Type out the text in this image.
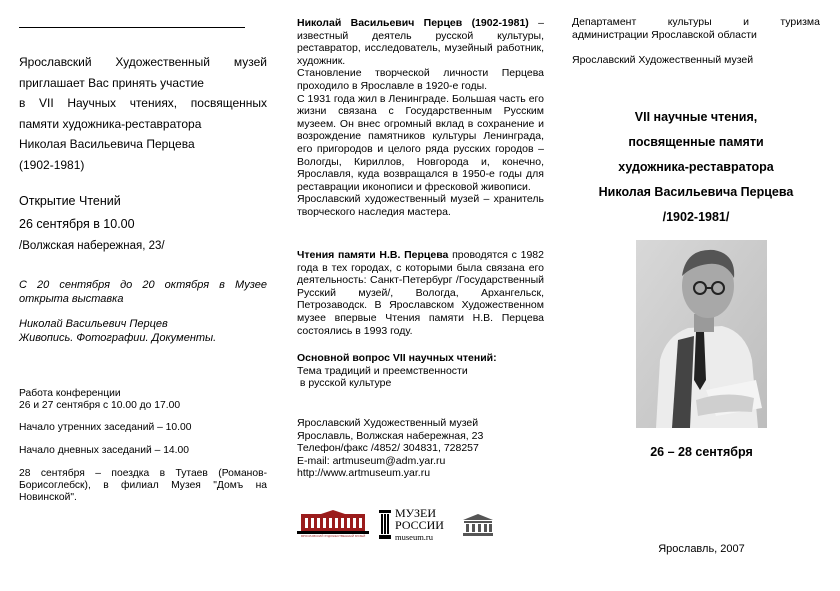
Ярославский Художественный музей

приглашает Вас принять участие

в VII Научных чтениях, посвященных

памяти художника-реставратора

Николая Васильевича Перцева

(1902-1981)

Открытие Чтений
26 сентября в 10.00
/Волжская набережная, 23/
С 20 сентября до 20 октября в Музее открыта выставка
Николай Васильевич Перцев
Живопись. Фотографии. Документы.
Работа конференции
26 и 27 сентября с 10.00 до 17.00
Начало утренних заседаний – 10.00
Начало дневных заседаний – 14.00
28 сентября – поездка в Тутаев (Романов-Борисоглебск), в филиал Музея "Домъ на Новинской".

Николай Васильевич Перцев (1902-1981) – известный деятель русской культуры, реставратор, исследователь, музейный работник, художник.

Становление творческой личности Перцева проходило в Ярославле в 1920-е годы.

С 1931 года жил в Ленинграде. Большая часть его жизни связана с Государственным Русским музеем. Он внес огромный вклад в сохранение и возрождение памятников культуры Ленинграда, его пригородов и целого ряда русских городов – Вологды, Кириллов, Новгорода и, конечно, Ярославля, куда возвращался в 1950-е годы для реставрации иконописи и фресковой живописи.

Ярославский художественный музей – хранитель творческого наследия мастера.

Чтения памяти Н.В. Перцева проводятся с 1982 года в тех городах, с которыми была связана его деятельность: Санкт-Петербург /Государственный Русский музей/, Вологда, Архангельск, Петрозаводск. В Ярославском Художественном музее впервые Чтения памяти Н.В. Перцева состоялись в 1993 году.

Основной вопрос VII научных чтений:

Тема традиций и преемственности

в русской культуре

Ярославский Художественный музей

Ярославль, Волжская набережная, 23

Телефон/факс /4852/ 304831, 728257

E-mail: artmuseum@adm.yar.ru

http://www.artmuseum.yar.ru

ЯРОСЛАВСКИЙ ХУДОЖЕСТВЕННЫЙ МУЗЕЙ
МУЗЕИ
РОССИИ
museum.ru

Департамент культуры и туризма

администрации Ярославской области

Ярославский Художественный музей
VII научные чтения,
посвященные памяти
художника-реставратора
Николая Васильевича Перцева
/1902-1981/
26 – 28 сентября
Ярославль, 2007
